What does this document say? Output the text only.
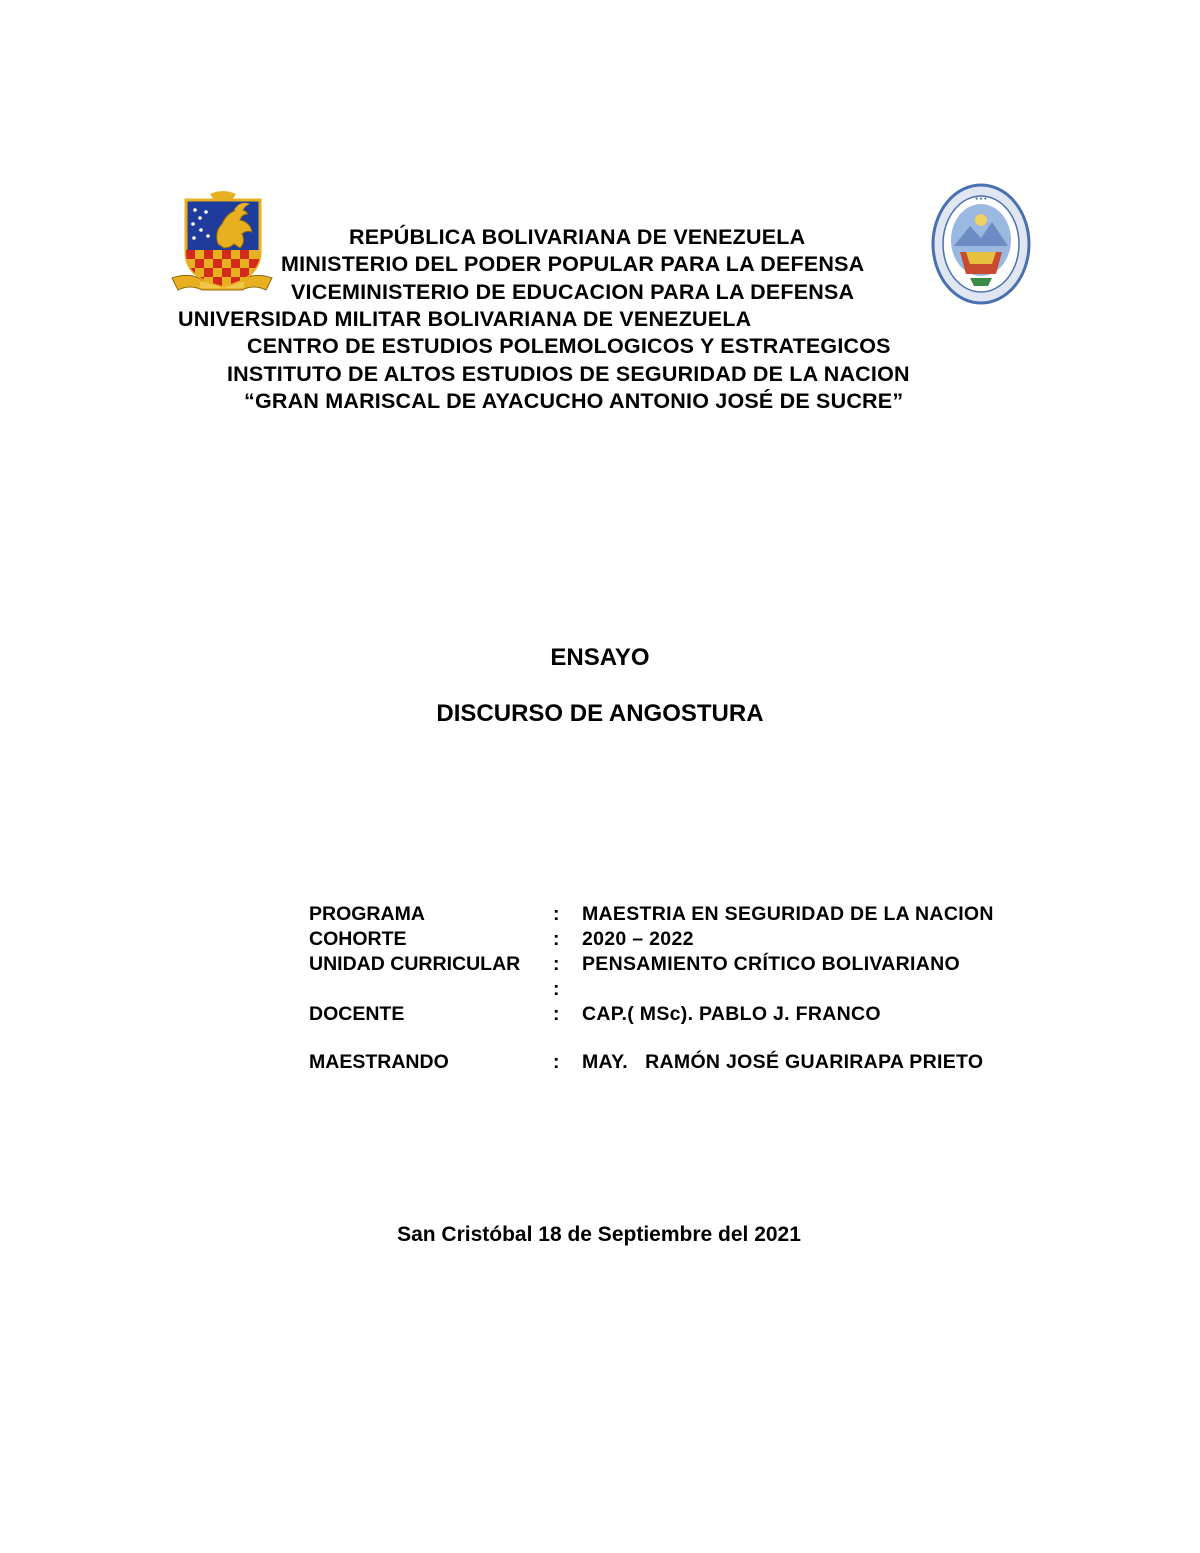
● ● ●
REPÚBLICA BOLIVARIANA DE VENEZUELA
MINISTERIO DEL PODER POPULAR PARA LA DEFENSA
VICEMINISTERIO DE EDUCACION PARA LA DEFENSA
UNIVERSIDAD MILITAR BOLIVARIANA DE VENEZUELA
CENTRO DE ESTUDIOS POLEMOLOGICOS Y ESTRATEGICOS
INSTITUTO DE ALTOS ESTUDIOS DE SEGURIDAD DE LA NACION
“GRAN MARISCAL DE AYACUCHO ANTONIO JOSÉ DE SUCRE”
ENSAYO
DISCURSO DE ANGOSTURA
PROGRAMA	: MAESTRIA EN SEGURIDAD DE LA NACION
COHORTE	: 2020 – 2022
UNIDAD CURRICULAR : PENSAMIENTO CRÍTICO BOLIVARIANO
:
DOCENTE	: CAP.( MSc). PABLO J. FRANCO
MAESTRANDO	: MAY.   RAMÓN JOSÉ GUARIRAPA PRIETO
San Cristóbal 18 de Septiembre del 2021
